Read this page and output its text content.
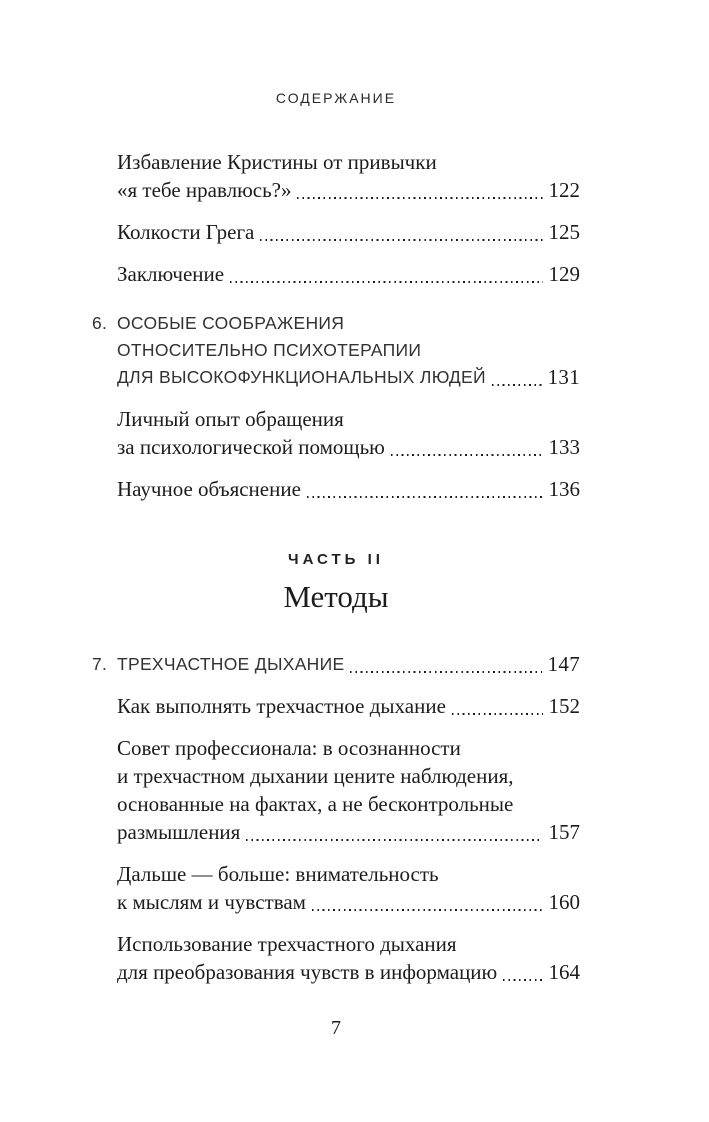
СОДЕРЖАНИЕ
Избавление Кристины от привычки
«я тебе нравлюсь?»	122
Колкости Грега	125
Заключение	129
6. ОСОБЫЕ СООБРАЖЕНИЯ
ОТНОСИТЕЛЬНО ПСИХОТЕРАПИИ
ДЛЯ ВЫСОКОФУНКЦИОНАЛЬНЫХ ЛЮДЕЙ	131
Личный опыт обращения
за психологической помощью	133
Научное объяснение	136
ЧАСТЬ II
Методы
7. ТРЕХЧАСТНОЕ ДЫХАНИЕ	147
Как выполнять трехчастное дыхание	152
Совет профессионала: в осознанности
и трехчастном дыхании цените наблюдения,
основанные на фактах, а не бесконтрольные
размышления	157
Дальше — больше: внимательность
к мыслям и чувствам	160
Использование трехчастного дыхания
для преобразования чувств в информацию 164
7
